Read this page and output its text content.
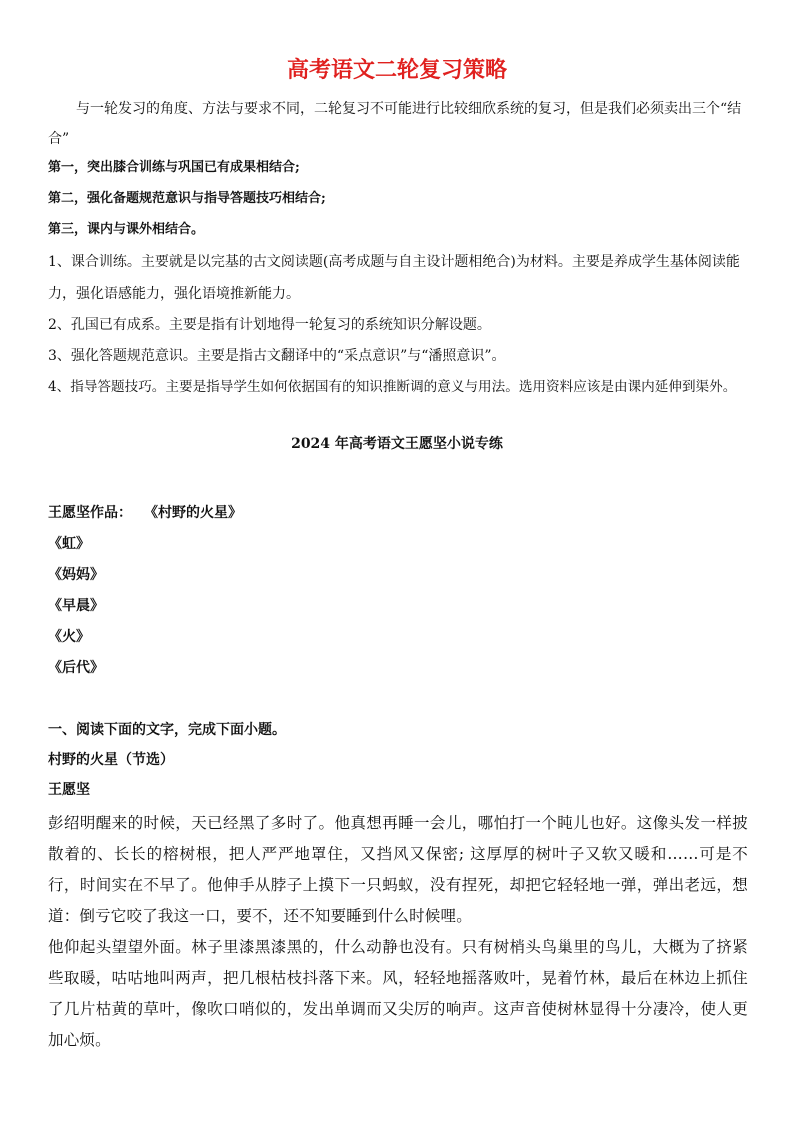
高考语文二轮复习策略

与一轮发习的角度、方法与要求不同，二轮复习不可能进行比较细欣系统的复习，但是我们必须卖出三个“结合”

第一，突出膝合训练与巩国已有成果相结合;

第二，强化备题规范意识与指导答题技巧相结合;

第三，课内与课外相结合。

1、课合训练。主要就是以完基的古文阅读题(高考成题与自主设计题相绝合)为材料。主要是养成学生基体阅读能力，强化语感能力，强化语境推新能力。

2、孔国已有成系。主要是指有计划地得一轮复习的系统知识分解设题。

3、强化答题规范意识。主要是指古文翻译中的“采点意识”与“潘照意识”。

4、指导答题技巧。主要是指导学生如何依据国有的知识推断调的意义与用法。选用资料应该是由课内延伸到渠外。

2024 年高考语文王愿坚小说专练
王愿坚作品： 《村野的火星》
《虹》
《妈妈》
《早晨》
《火》
《后代》

一、阅读下面的文字，完成下面小题。

村野的火星（节选）

王愿坚

彭绍明醒来的时候，天已经黑了多时了。他真想再睡一会儿，哪怕打一个盹儿也好。这像头发一样披散着的、长长的榕树根，把人严严地罩住，又挡风又保密; 这厚厚的树叶子又软又暖和……可是不行，时间实在不早了。他伸手从脖子上摸下一只蚂蚁，没有捏死，却把它轻轻地一弹，弹出老远，想道：倒亏它咬了我这一口，要不，还不知要睡到什么时候哩。

他仰起头望望外面。林子里漆黑漆黑的，什么动静也没有。只有树梢头鸟巢里的鸟儿，大概为了挤紧些取暖，咕咕地叫两声，把几根枯枝抖落下来。风，轻轻地摇落败叶，晃着竹林，最后在林边上抓住了几片枯黄的草叶，像吹口哨似的，发出单调而又尖厉的响声。这声音使树林显得十分凄冷，使人更加心烦。
